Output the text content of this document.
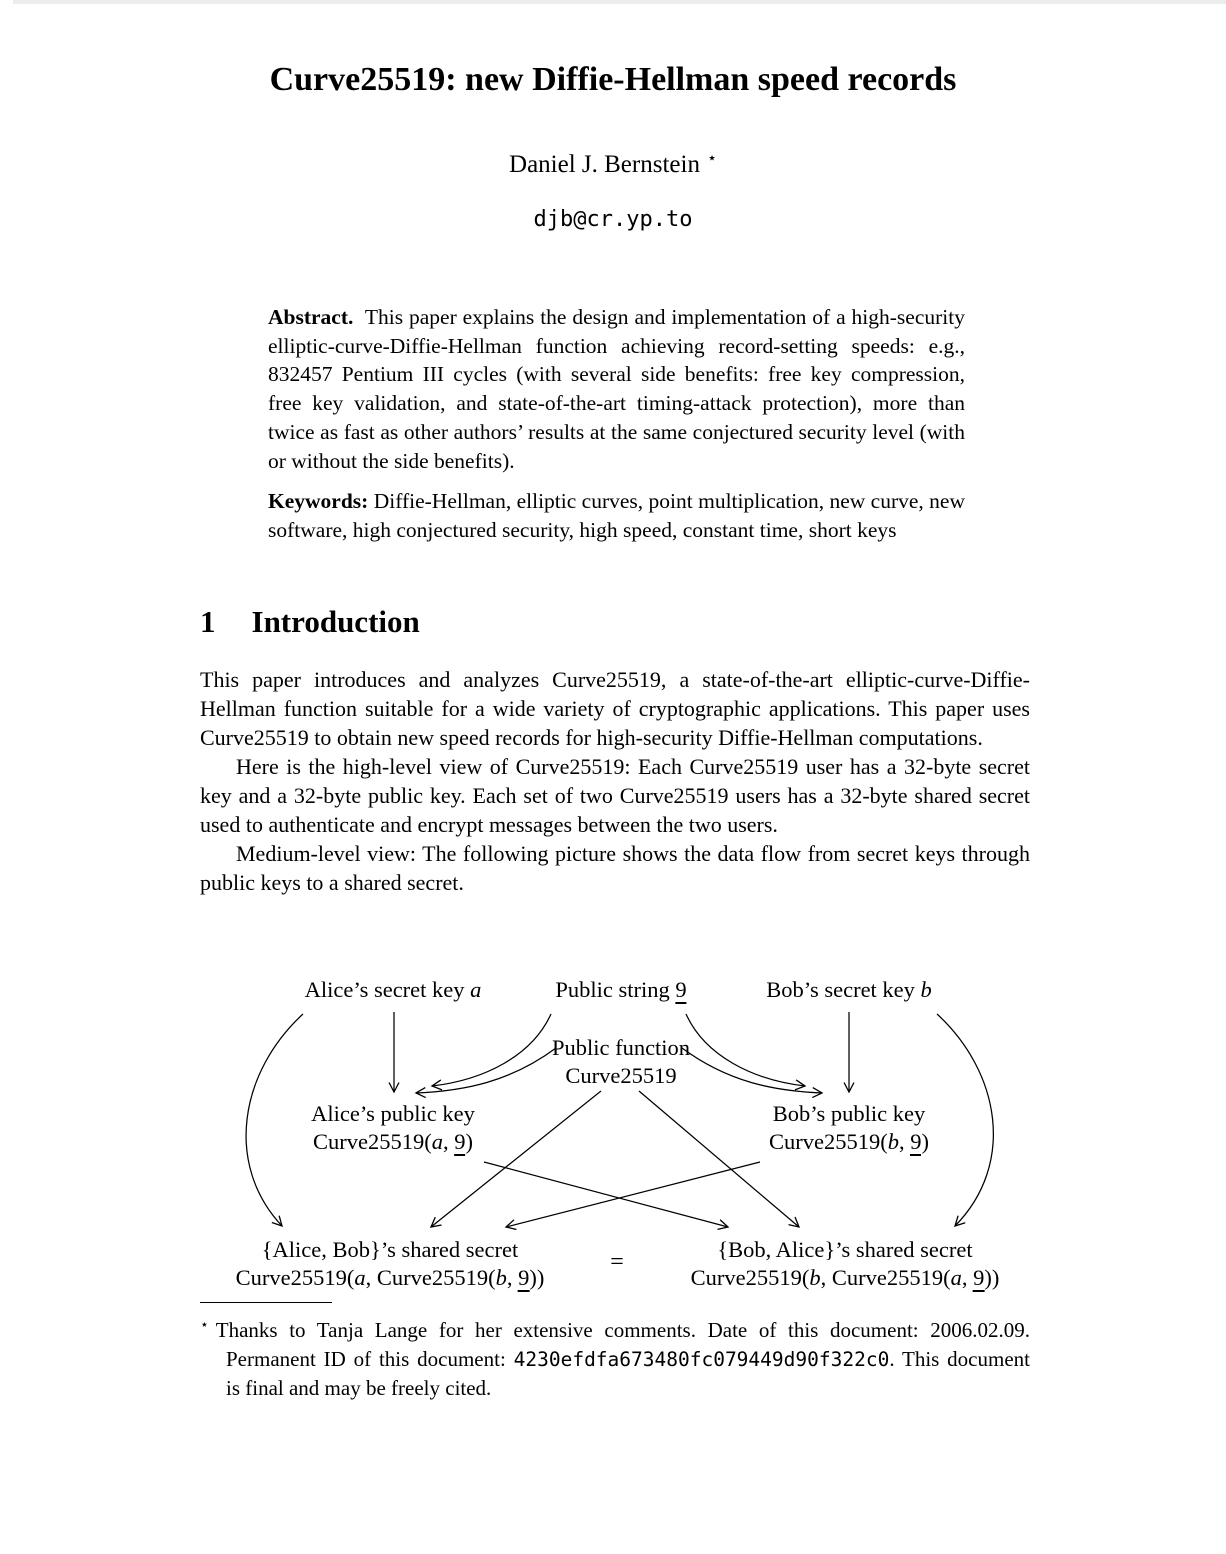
Curve25519: new Diffie-Hellman speed records
Daniel J. Bernstein ⋆
djb@cr.yp.to

Abstract. This paper explains the design and implementation of a high-security elliptic-curve-Diffie-Hellman function achieving record-setting speeds: e.g., 832457 Pentium III cycles (with several side benefits: free key compression, free key validation, and state-of-the-art timing-attack protection), more than twice as fast as other authors’ results at the same conjectured security level (with or without the side benefits).

Keywords: Diffie-Hellman, elliptic curves, point multiplication, new curve, new software, high conjectured security, high speed, constant time, short keys

1 Introduction

This paper introduces and analyzes Curve25519, a state-of-the-art elliptic-curve-Diffie-Hellman function suitable for a wide variety of cryptographic applications. This paper uses Curve25519 to obtain new speed records for high-security Diffie-Hellman computations.

Here is the high-level view of Curve25519: Each Curve25519 user has a 32-byte secret key and a 32-byte public key. Each set of two Curve25519 users has a 32-byte shared secret used to authenticate and encrypt messages between the two users.

Medium-level view: The following picture shows the data flow from secret keys through public keys to a shared secret.

Alice’s secret key a	Public string 9	Bob’s secret key b
Public function
Curve25519
Alice’s public key
Curve25519(a, 9)
Bob’s public key
Curve25519(b, 9)
{Alice, Bob}’s shared secret
Curve25519(a, Curve25519(b, 9))
=	{Bob, Alice}’s shared secret
Curve25519(b, Curve25519(a, 9))

⋆ Thanks to Tanja Lange for her extensive comments. Date of this document: 2006.02.09. Permanent ID of this document: 4230efdfa673480fc079449d90f322c0. This document is final and may be freely cited.
